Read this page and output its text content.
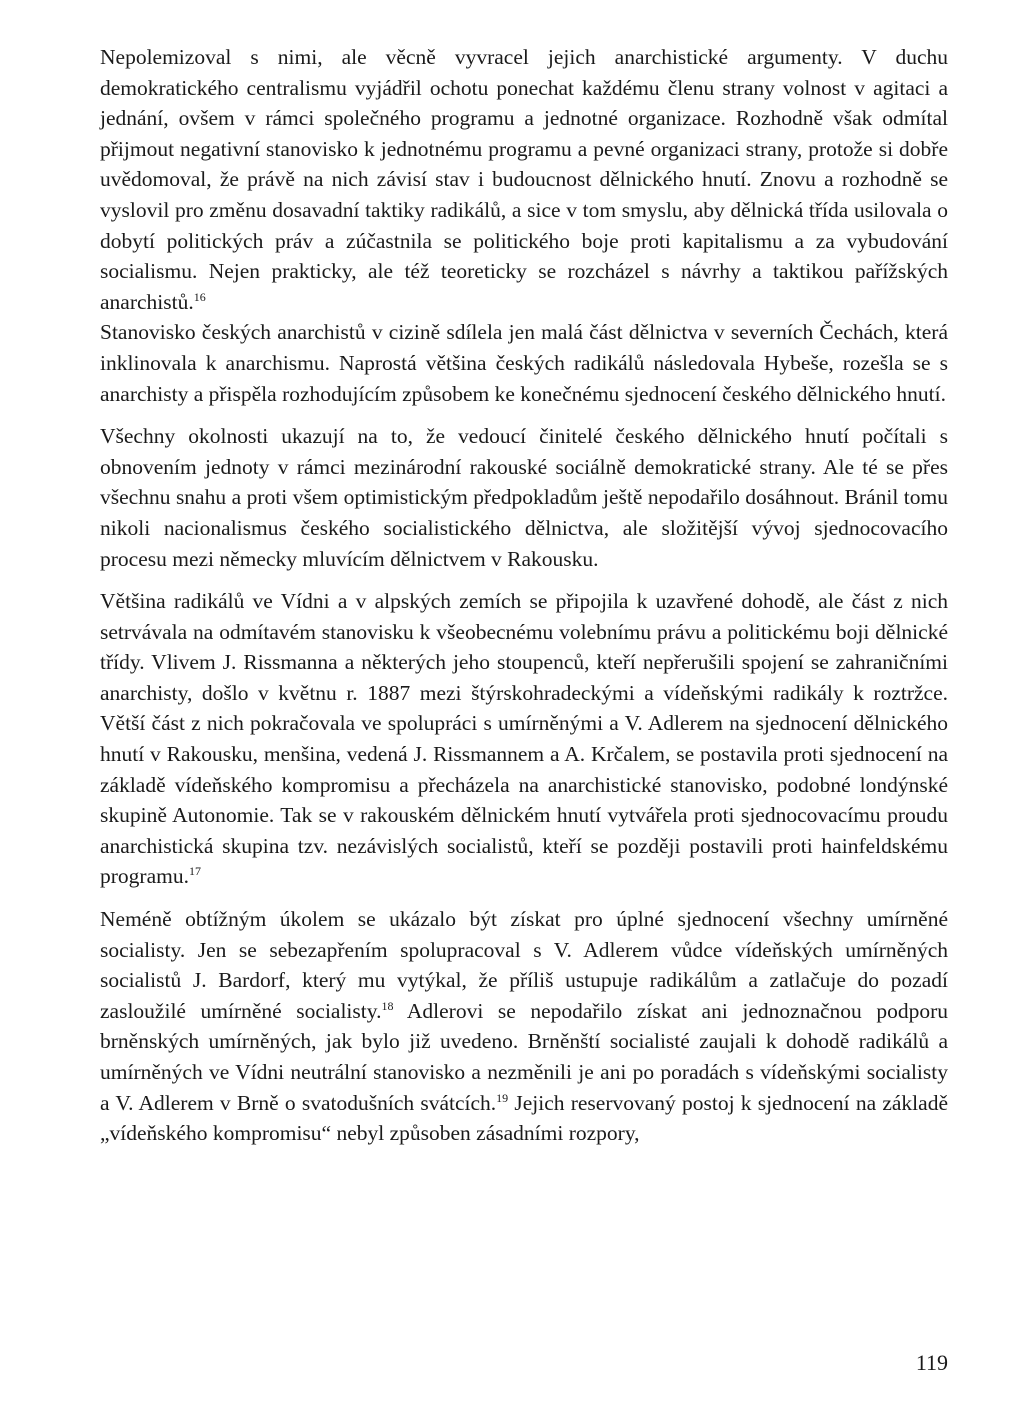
Nepolemizoval s nimi, ale věcně vyvracel jejich anarchistické argumenty. V duchu demokratického centralismu vyjádřil ochotu ponechat každému členu strany volnost v agitaci a jednání, ovšem v rámci společného programu a jednotné organizace. Rozhodně však odmítal přijmout negativní stanovisko k jednotnému programu a pevné organizaci strany, protože si dobře uvědomoval, že právě na nich závisí stav i budoucnost dělnického hnutí. Znovu a rozhodně se vyslovil pro změnu dosavadní taktiky radikálů, a sice v tom smyslu, aby dělnická třída usilovala o dobytí politických práv a zúčastnila se politického boje proti kapitalismu a za vybudování socialismu. Nejen prakticky, ale též teoreticky se rozcházel s návrhy a taktikou pařížských anarchistů.$^{16}$

Stanovisko českých anarchistů v cizině sdílela jen malá část dělnictva v severních Čechách, která inklinovala k anarchismu. Naprostá většina českých radikálů následovala Hybeše, rozešla se s anarchisty a přispěla rozhodujícím způsobem ke konečnému sjednocení českého dělnického hnutí.

Všechny okolnosti ukazují na to, že vedoucí činitelé českého dělnického hnutí počítali s obnovením jednoty v rámci mezinárodní rakouské sociálně demokratické strany. Ale té se přes všechnu snahu a proti všem optimistickým předpokladům ještě nepodařilo dosáhnout. Bránil tomu nikoli nacionalismus českého socialistického dělnictva, ale složitější vývoj sjednocovacího procesu mezi německy mluvícím dělnictvem v Rakousku.

Většina radikálů ve Vídni a v alpských zemích se připojila k uzavřené dohodě, ale část z nich setrvávala na odmítavém stanovisku k všeobecnému volebnímu právu a politickému boji dělnické třídy. Vlivem J. Rissmanna a některých jeho stoupenců, kteří nepřerušili spojení se zahraničními anarchisty, došlo v květnu r. 1887 mezi štýrskohradeckými a vídeňskými radikály k roztržce. Větší část z nich pokračovala ve spolupráci s umírněnými a V. Adlerem na sjednocení dělnického hnutí v Rakousku, menšina, vedená J. Rissmannem a A. Krčalem, se postavila proti sjednocení na základě vídeňského kompromisu a přecházela na anarchistické stanovisko, podobné londýnské skupině Autonomie. Tak se v rakouském dělnickém hnutí vytvářela proti sjednocovacímu proudu anarchistická skupina tzv. nezávislých socialistů, kteří se později postavili proti hainfeldskému programu.$^{17}$

Neméně obtížným úkolem se ukázalo být získat pro úplné sjednocení všechny umírněné socialisty. Jen se sebezapřením spolupracoval s V. Adlerem vůdce vídeňských umírněných socialistů J. Bardorf, který mu vytýkal, že příliš ustupuje radikálům a zatlačuje do pozadí zasloužilé umírněné socialisty.$^{18}$ Adlerovi se nepodařilo získat ani jednoznačnou podporu brněnských umírněných, jak bylo již uvedeno. Brněnští socialisté zaujali k dohodě radikálů a umírněných ve Vídni neutrální stanovisko a nezměnili je ani po poradách s vídeňskými socialisty a V. Adlerem v Brně o svatodušních svátcích.$^{19}$ Jejich reservovaný postoj k sjednocení na základě „vídeňského kompromisu“ nebyl způsoben zásadními rozpory,

119
